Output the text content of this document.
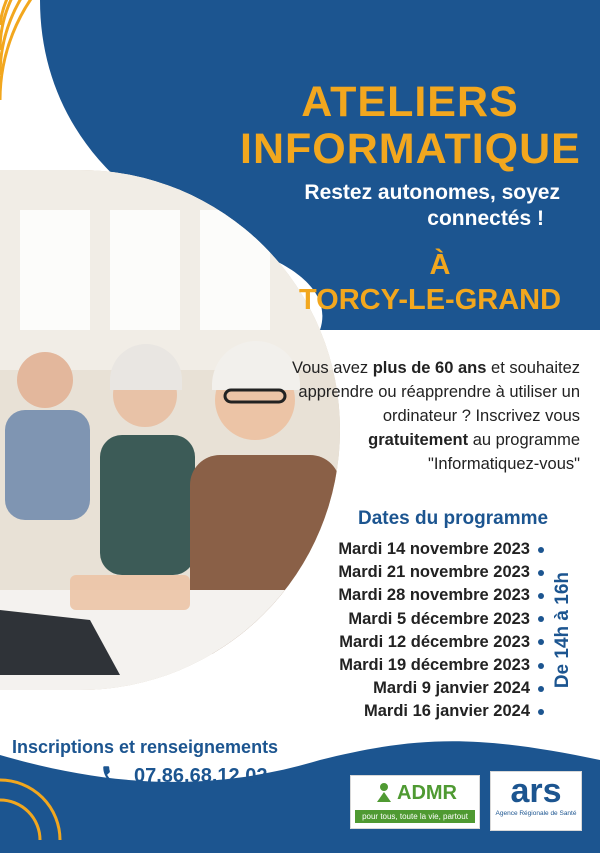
ATELIERS
INFORMATIQUE
Restez autonomes, soyez
connectés !
À
TORCY-LE-GRAND
Vous avez plus de 60 ans et souhaitez
apprendre ou réapprendre à utiliser un
ordinateur ? Inscrivez vous
gratuitement au programme
"Informatiquez-vous"
Dates du programme
Mardi 14 novembre 2023
Mardi 21 novembre 2023
Mardi 28 novembre 2023
Mardi 5 décembre 2023
Mardi 12 décembre 2023
Mardi 19 décembre 2023
Mardi 9 janvier 2024
Mardi 16 janvier 2024
De 14h à 16h
Inscriptions et renseignements
07.86.68.12.02
ADMR
pour tous, toute la vie, partout
ars
Agence Régionale de Santé
